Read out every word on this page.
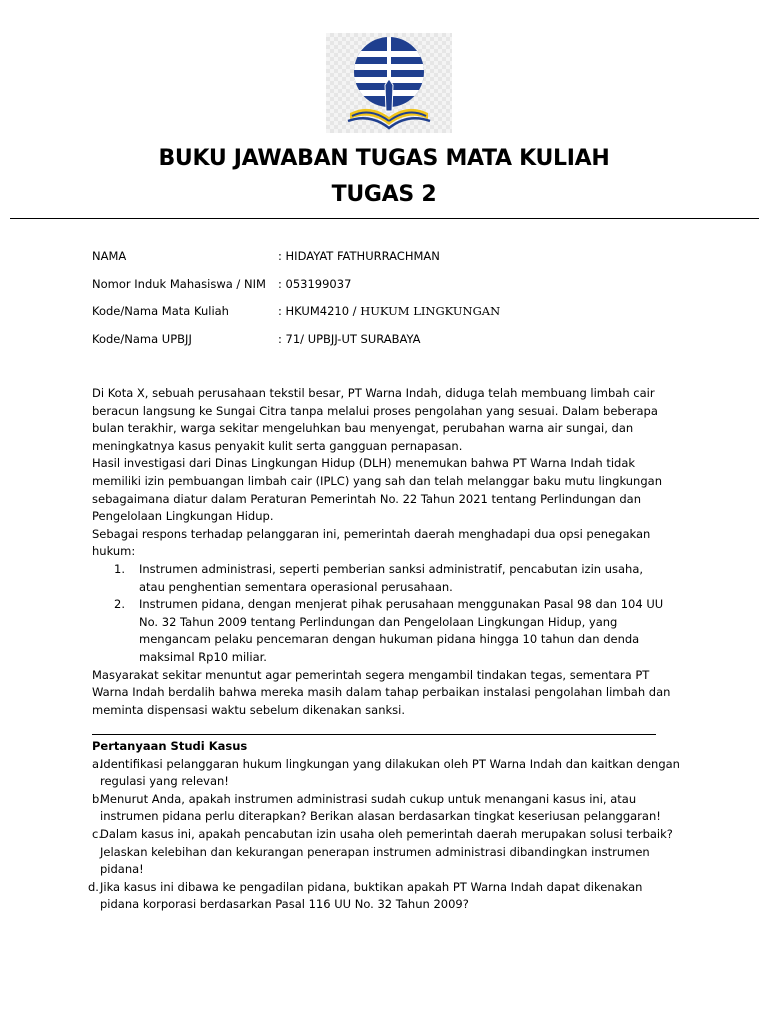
BUKU JAWABAN TUGAS MATA KULIAH
TUGAS 2
NAMA	: HIDAYAT FATHURRACHMAN
Nomor Induk Mahasiswa / NIM : 053199037
Kode/Nama Mata Kuliah	: HKUM4210 / HUKUM LINGKUNGAN
Kode/Nama UPBJJ	: 71/ UPBJJ-UT SURABAYA

Di Kota X, sebuah perusahaan tekstil besar, PT Warna Indah, diduga telah membuang limbah cair beracun langsung ke Sungai Citra tanpa melalui proses pengolahan yang sesuai. Dalam beberapa bulan terakhir, warga sekitar mengeluhkan bau menyengat, perubahan warna air sungai, dan meningkatnya kasus penyakit kulit serta gangguan pernapasan.

Hasil investigasi dari Dinas Lingkungan Hidup (DLH) menemukan bahwa PT Warna Indah tidak memiliki izin pembuangan limbah cair (IPLC) yang sah dan telah melanggar baku mutu lingkungan sebagaimana diatur dalam Peraturan Pemerintah No. 22 Tahun 2021 tentang Perlindungan dan Pengelolaan Lingkungan Hidup.

Sebagai respons terhadap pelanggaran ini, pemerintah daerah menghadapi dua opsi penegakan hukum:

1. Instrumen administrasi, seperti pemberian sanksi administratif, pencabutan izin usaha, atau penghentian sementara operasional perusahaan.
2. Instrumen pidana, dengan menjerat pihak perusahaan menggunakan Pasal 98 dan 104 UU No. 32 Tahun 2009 tentang Perlindungan dan Pengelolaan Lingkungan Hidup, yang mengancam pelaku pencemaran dengan hukuman pidana hingga 10 tahun dan denda maksimal Rp10 miliar.

Masyarakat sekitar menuntut agar pemerintah segera mengambil tindakan tegas, sementara PT Warna Indah berdalih bahwa mereka masih dalam tahap perbaikan instalasi pengolahan limbah dan meminta dispensasi waktu sebelum dikenakan sanksi.

Pertanyaan Studi Kasus

a.
Identifikasi pelanggaran hukum lingkungan yang dilakukan oleh PT Warna Indah dan kaitkan dengan regulasi yang relevan!

b.
Menurut Anda, apakah instrumen administrasi sudah cukup untuk menangani kasus ini, atau instrumen pidana perlu diterapkan? Berikan alasan berdasarkan tingkat keseriusan pelanggaran!

c.
Dalam kasus ini, apakah pencabutan izin usaha oleh pemerintah daerah merupakan solusi terbaik? Jelaskan kelebihan dan kekurangan penerapan instrumen administrasi dibandingkan instrumen pidana!

d. Jika kasus ini dibawa ke pengadilan pidana, buktikan apakah PT Warna Indah dapat dikenakan pidana korporasi berdasarkan Pasal 116 UU No. 32 Tahun 2009?
